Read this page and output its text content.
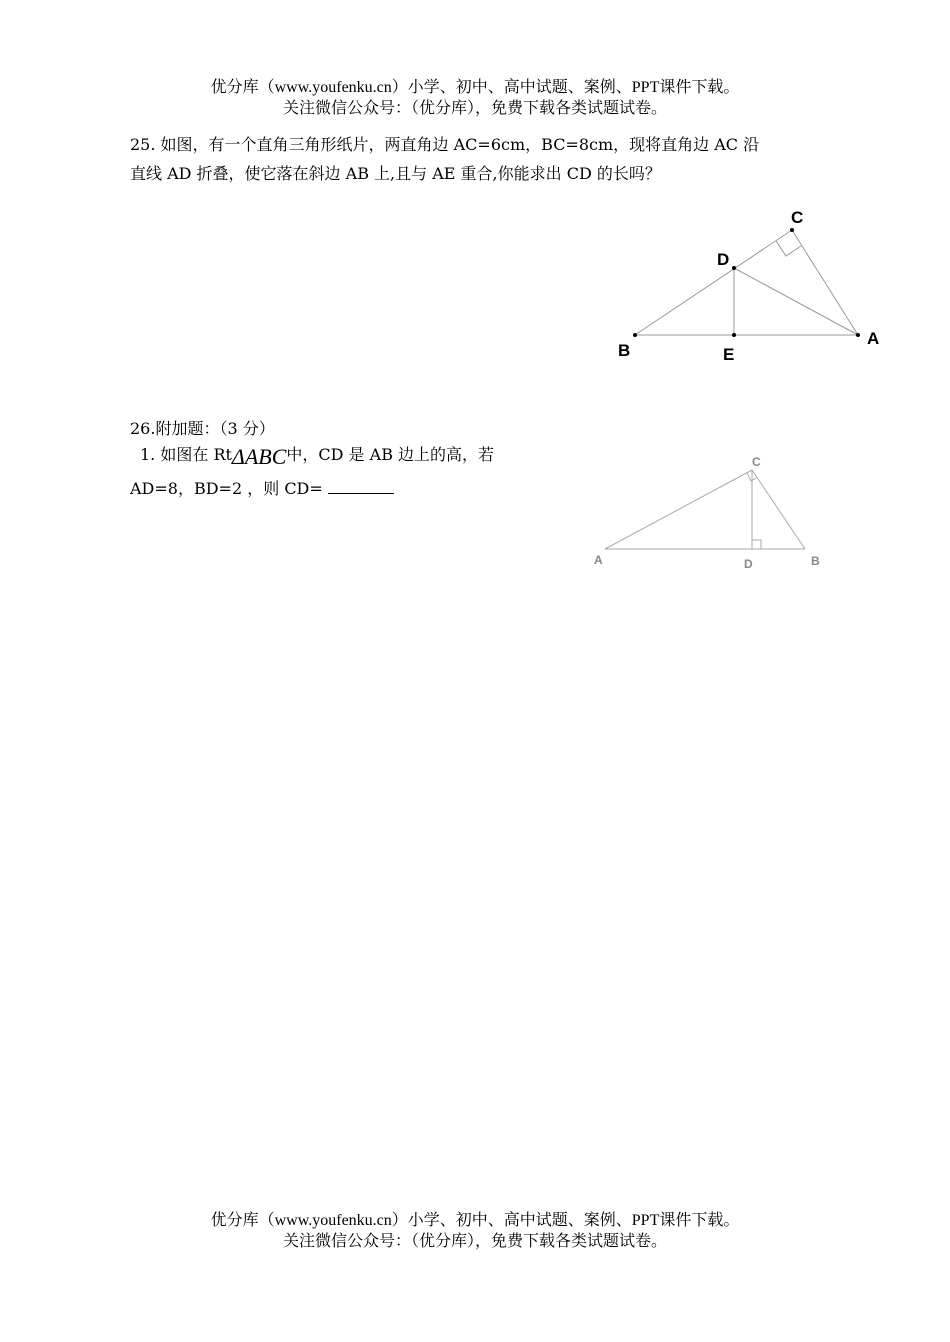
优分库（www.youfenku.cn）小学、初中、高中试题、案例、PPT课件下载。
关注微信公众号：（优分库），免费下载各类试题试卷。
25. 如图，有一个直角三角形纸片，两直角边 AC=6cm，BC=8cm，现将直角边 AC 沿
直线 AD 折叠，使它落在斜边 AB 上,且与 AE 重合,你能求出 CD 的长吗？
C
D
B	E
A
26.附加题：（3 分）
1. 如图在 RtΔABC中，CD 是 AB 边上的高，若
AD=8，BD=2 ，则 CD=
C
A	D	B
优分库（www.youfenku.cn）小学、初中、高中试题、案例、PPT课件下载。
关注微信公众号：（优分库），免费下载各类试题试卷。
